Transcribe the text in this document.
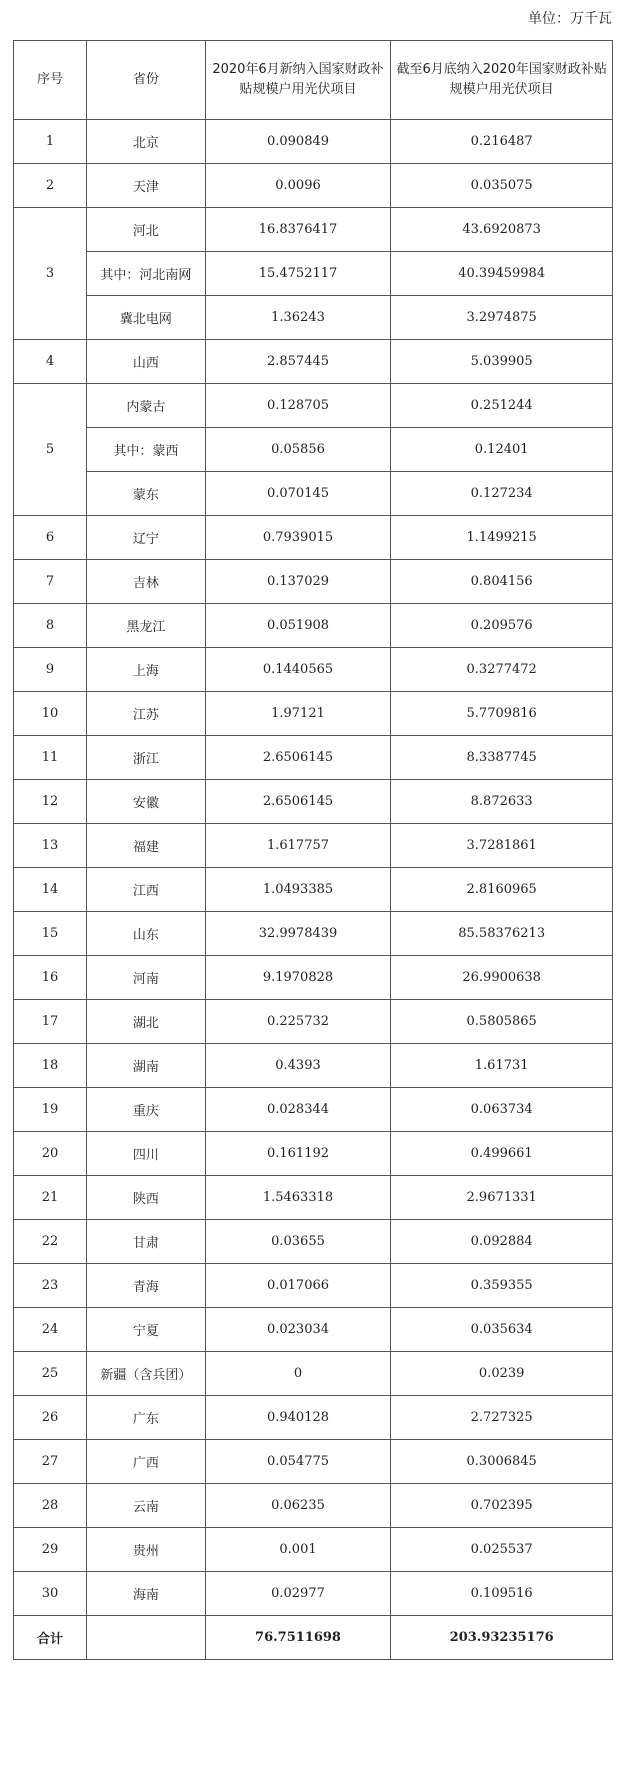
单位：万千瓦
序号	省份	2020年6月新纳入国家财政补贴规模户用光伏项目	截至6月底纳入2020年国家财政补贴规模户用光伏项目
1	北京	0.090849	0.216487
2	天津	0.0096	0.035075
3	河北	16.8376417	43.6920873
	其中：河北南网	15.4752117	40.39459984
	冀北电网	1.36243	3.2974875
4	山西	2.857445	5.039905
5	内蒙古	0.128705	0.251244
	其中：蒙西	0.05856	0.12401
	蒙东	0.070145	0.127234
6	辽宁	0.7939015	1.1499215
7	吉林	0.137029	0.804156
8	黑龙江	0.051908	0.209576
9	上海	0.1440565	0.3277472
10	江苏	1.97121	5.7709816
11	浙江	2.6506145	8.3387745
12	安徽	2.6506145	8.872633
13	福建	1.617757	3.7281861
14	江西	1.0493385	2.8160965
15	山东	32.9978439	85.58376213
16	河南	9.1970828	26.9900638
17	湖北	0.225732	0.5805865
18	湖南	0.4393	1.61731
19	重庆	0.028344	0.063734
20	四川	0.161192	0.499661
21	陕西	1.5463318	2.9671331
22	甘肃	0.03655	0.092884
23	青海	0.017066	0.359355
24	宁夏	0.023034	0.035634
25	新疆（含兵团）	0	0.0239
26	广东	0.940128	2.727325
27	广西	0.054775	0.3006845
28	云南	0.06235	0.702395
29	贵州	0.001	0.025537
30	海南	0.02977	0.109516
合计		76.7511698	203.93235176
